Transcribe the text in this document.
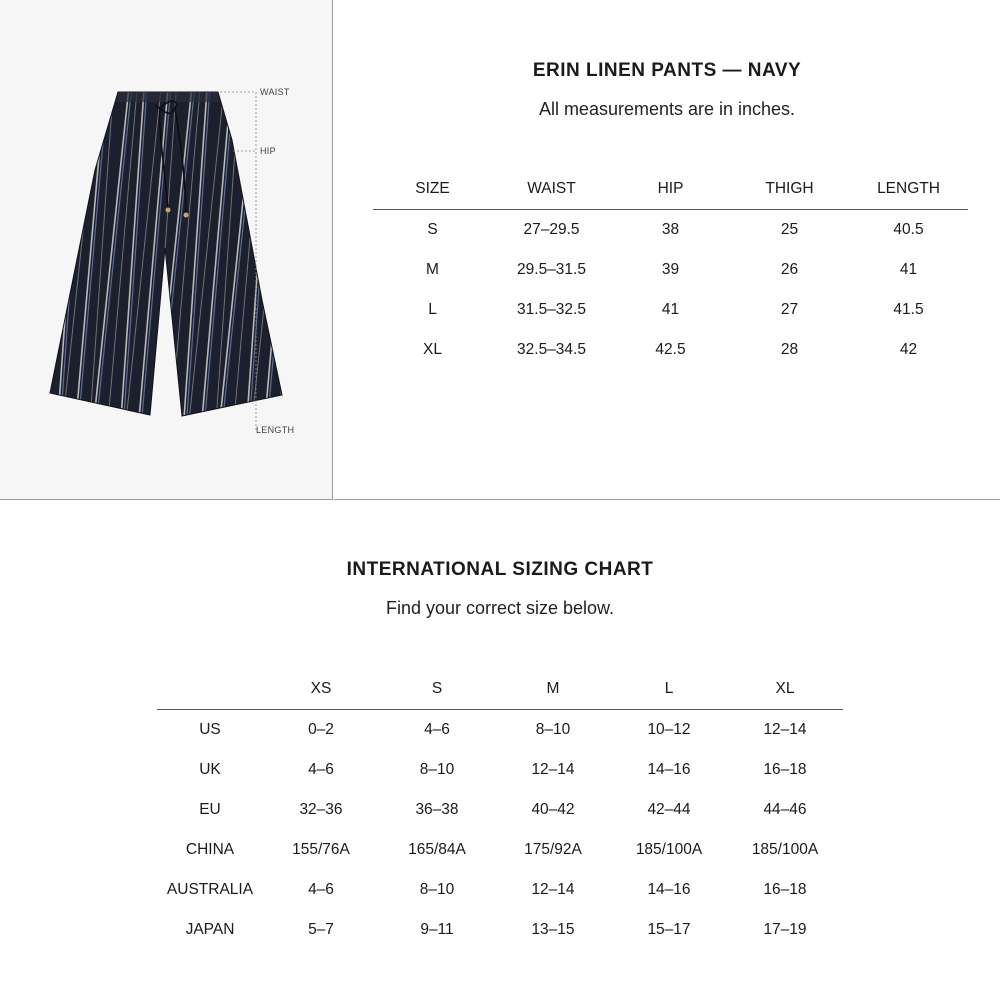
WAIST
HIP
LENGTH
ERIN LINEN PANTS — NAVY
All measurements are in inches.
SIZE	WAIST	HIP	THIGH	LENGTH
S	27–29.5	38	25	40.5
M	29.5–31.5	39	26	41
L	31.5–32.5	41	27	41.5
XL	32.5–34.5	42.5	28	42
INTERNATIONAL SIZING CHART
Find your correct size below.
	XS	S	M	L	XL
US	0–2	4–6	8–10	10–12	12–14
UK	4–6	8–10	12–14	14–16	16–18
EU	32–36	36–38	40–42	42–44	44–46
CHINA	155/76A	165/84A	175/92A	185/100A	185/100A
AUSTRALIA	4–6	8–10	12–14	14–16	16–18
JAPAN	5–7	9–11	13–15	15–17	17–19
